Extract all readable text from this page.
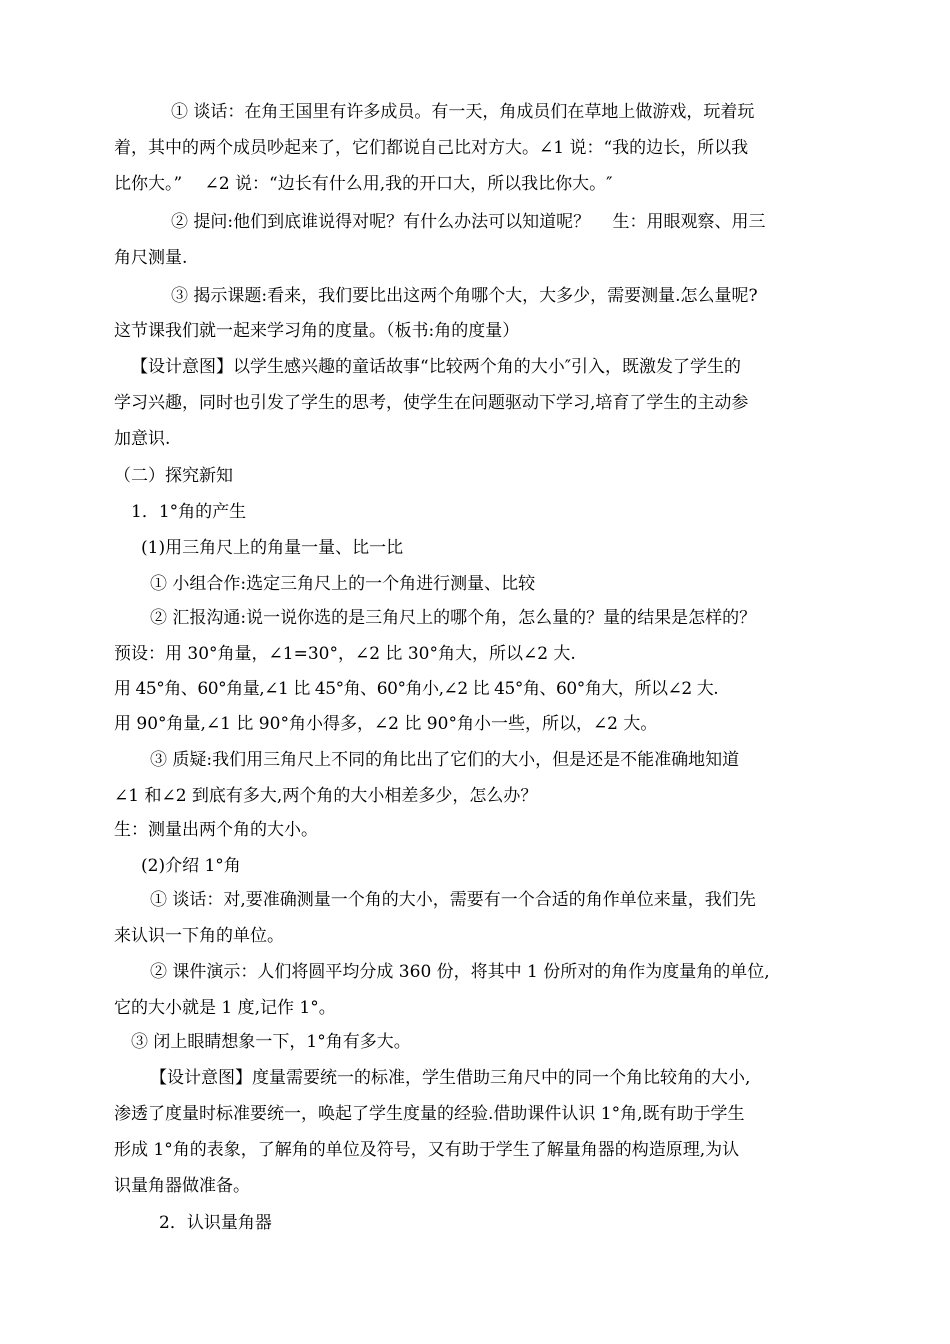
① 谈话：在角王国里有许多成员。有一天，角成员们在草地上做游戏，玩着玩
着，其中的两个成员吵起来了，它们都说自己比对方大。∠1 说：“我的边长，所以我
比你大。”　 ∠2 说：“边长有什么用,我的开口大，所以我比你大。″
② 提问:他们到底谁说得对呢？有什么办法可以知道呢？　 生：用眼观察、用三
角尺测量.
③ 揭示课题:看来，我们要比出这两个角哪个大，大多少，需要测量.怎么量呢?
这节课我们就一起来学习角的度量。（板书:角的度量）
【设计意图】以学生感兴趣的童话故事“比较两个角的大小″引入，既激发了学生的
学习兴趣，同时也引发了学生的思考，使学生在问题驱动下学习,培育了学生的主动参
加意识.
（二）探究新知
1．1°角的产生
(1)用三角尺上的角量一量、比一比
① 小组合作:选定三角尺上的一个角进行测量、比较
② 汇报沟通:说一说你选的是三角尺上的哪个角，怎么量的？量的结果是怎样的？
预设：用 30°角量，∠1=30°，∠2 比 30°角大，所以∠2 大.
用 45°角、60°角量,∠1 比 45°角、60°角小,∠2 比 45°角、60°角大，所以∠2 大.
用 90°角量,∠1 比 90°角小得多，∠2 比 90°角小一些，所以，∠2 大。
③ 质疑:我们用三角尺上不同的角比出了它们的大小，但是还是不能准确地知道
∠1 和∠2 到底有多大,两个角的大小相差多少，怎么办？
生：测量出两个角的大小。
(2)介绍 1°角
① 谈话：对,要准确测量一个角的大小，需要有一个合适的角作单位来量，我们先
来认识一下角的单位。
② 课件演示：人们将圆平均分成 360 份，将其中 1 份所对的角作为度量角的单位,
它的大小就是 1 度,记作 1°。
③ 闭上眼睛想象一下，1°角有多大。
【设计意图】度量需要统一的标准，学生借助三角尺中的同一个角比较角的大小,
渗透了度量时标准要统一，唤起了学生度量的经验.借助课件认识 1°角,既有助于学生
形成 1°角的表象，了解角的单位及符号，又有助于学生了解量角器的构造原理,为认
识量角器做准备。
2．认识量角器
